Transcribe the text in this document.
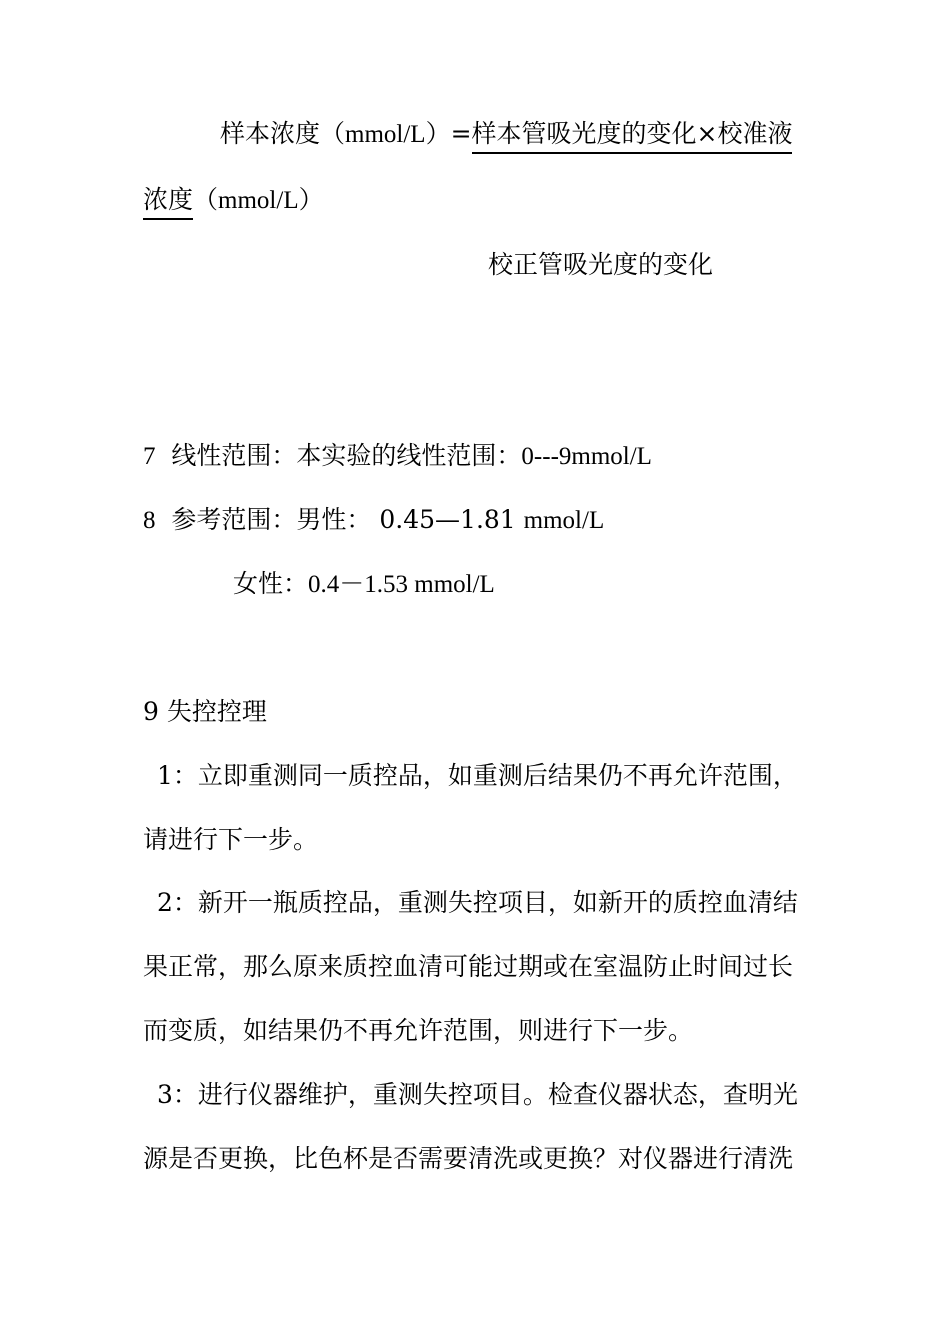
样本浓度（mmol/L）=样本管吸光度的变化×校准液
浓度（mmol/L）
校正管吸光度的变化
7 线性范围：本实验的线性范围：0---9mmol/L
8 参考范围：男性： 0.45—1.81 mmol/L
女性：0.4－1.53 mmol/L
9 失控控理
1：立即重测同一质控品，如重测后结果仍不再允许范围，
请进行下一步。
2：新开一瓶质控品，重测失控项目，如新开的质控血清结
果正常，那么原来质控血清可能过期或在室温防止时间过长
而变质，如结果仍不再允许范围，则进行下一步。
3：进行仪器维护，重测失控项目。检查仪器状态，查明光
源是否更换，比色杯是否需要清洗或更换？对仪器进行清洗
